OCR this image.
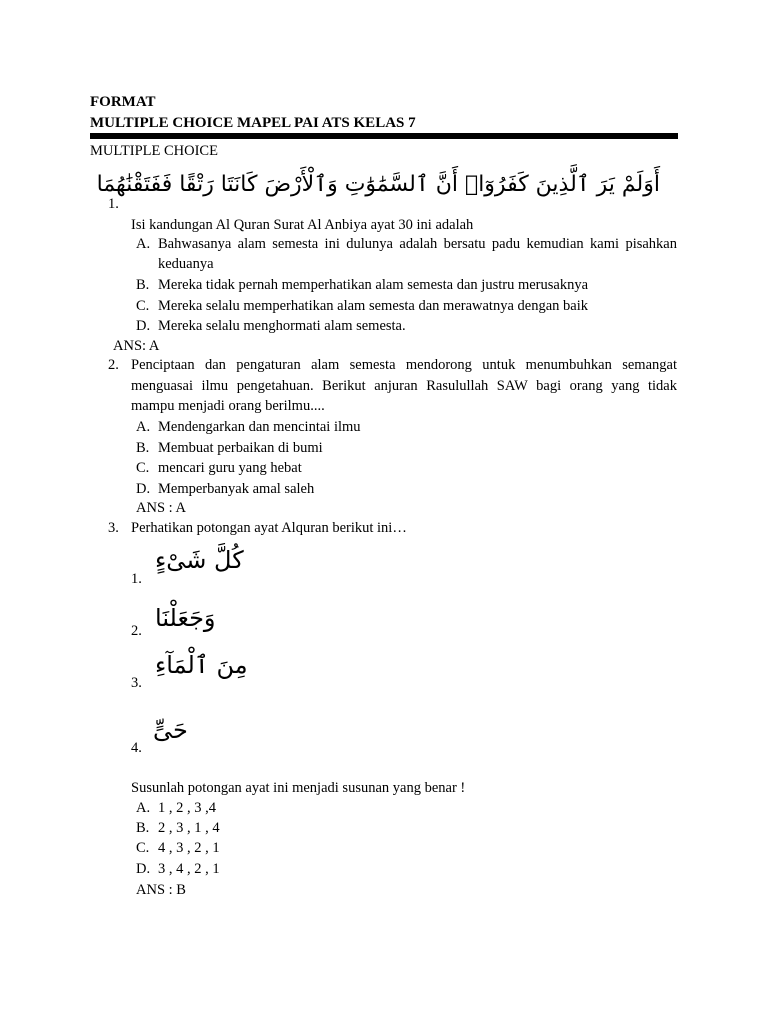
FORMAT
MULTIPLE CHOICE MAPEL PAI ATS KELAS 7
MULTIPLE CHOICE
1.
أَوَلَمْ يَرَ ٱلَّذِينَ كَفَرُوٓا۟ أَنَّ ٱلسَّمَٰوَٰتِ وَٱلْأَرْضَ كَانَتَا رَتْقًا فَفَتَقْنَٰهُمَا
Isi kandungan Al Quran Surat Al Anbiya ayat 30 ini adalah
A. Bahwasanya alam semesta ini dulunya adalah bersatu padu kemudian kami pisahkan
keduanya
B. Mereka tidak pernah memperhatikan alam semesta dan justru merusaknya
C. Mereka selalu memperhatikan alam semesta dan merawatnya dengan baik
D. Mereka selalu menghormati alam semesta.
ANS: A
2. Penciptaan dan pengaturan alam semesta mendorong untuk menumbuhkan semangat
menguasai ilmu pengetahuan. Berikut anjuran Rasulullah SAW bagi orang yang tidak
mampu menjadi orang berilmu....
A. Mendengarkan dan mencintai ilmu
B. Membuat perbaikan di bumi
C. mencari guru yang hebat
D. Memperbanyak amal saleh
ANS : A
3. Perhatikan potongan ayat Alquran berikut ini…
1.
كُلَّ شَىْءٍ
2. وَجَعَلْنَا
3.
مِنَ ٱلْمَآءِ
4.
حَىٍّ
Susunlah potongan ayat ini menjadi susunan yang benar !
A. 1 , 2 , 3 ,4
B. 2 , 3 , 1 , 4
C. 4 , 3 , 2 , 1
D. 3 , 4 , 2 , 1
ANS : B
